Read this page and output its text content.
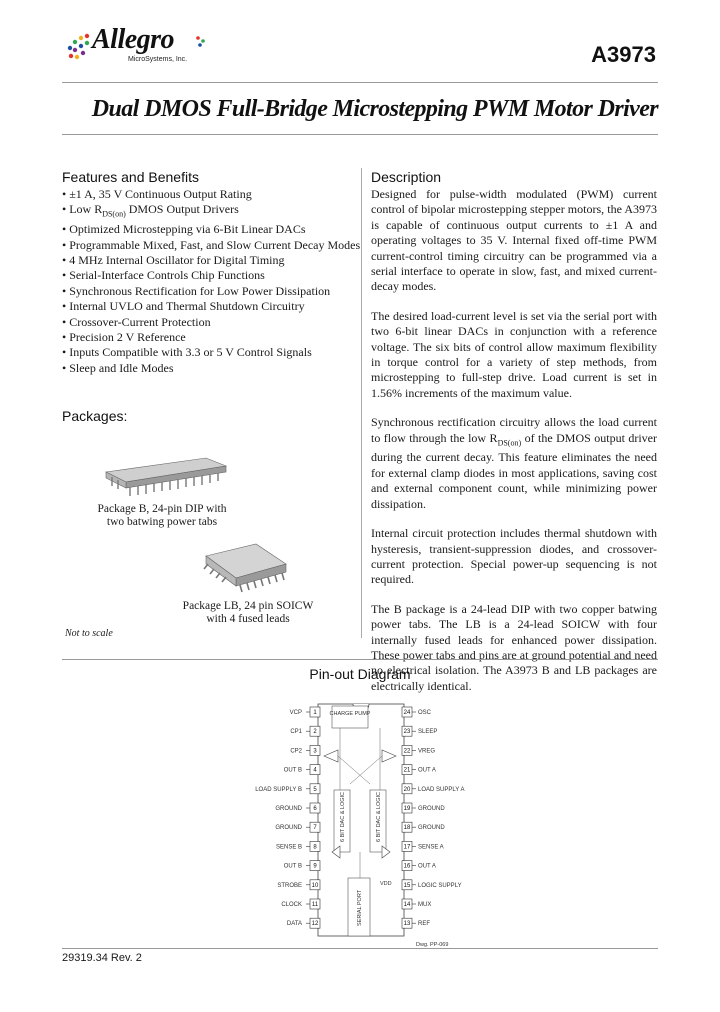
Allegro
MicroSystems, Inc.	A3973
Dual DMOS Full-Bridge Microstepping PWM Motor Driver
Features and Benefits
• ±1 A, 35 V Continuous Output Rating
• Low $R_{DS(on)}$ DMOS Output Drivers
• Optimized Microstepping via 6-Bit Linear DACs
• Programmable Mixed, Fast, and Slow Current Decay Modes
• 4 MHz Internal Oscillator for Digital Timing
• Serial-Interface Controls Chip Functions
• Synchronous Rectification for Low Power Dissipation
• Internal UVLO and Thermal Shutdown Circuitry
• Crossover-Current Protection
• Precision 2 V Reference
• Inputs Compatible with 3.3 or 5 V Control Signals
• Sleep and Idle Modes
Packages:
Package B, 24-pin DIP with
two batwing power tabs
Package LB, 24 pin SOICW
with 4 fused leads
Not to scale
Description

Designed for pulse-width modulated (PWM) current control of bipolar microstepping stepper motors, the A3973 is capable of continuous output currents to ±1 A and operating voltages to 35 V. Internal fixed off-time PWM current-control timing circuitry can be programmed via a serial interface to operate in slow, fast, and mixed current-decay modes.

The desired load-current level is set via the serial port with two 6-bit linear DACs in conjunction with a reference voltage. The six bits of control allow maximum flexibility in torque control for a variety of step methods, from microstepping to full-step drive. Load current is set in 1.56% increments of the maximum value.

Synchronous rectification circuitry allows the load current to flow through the low $R_{DS(on)}$ of the DMOS output driver during the current decay. This feature eliminates the need for external clamp diodes in most applications, saving cost and external component count, while minimizing power dissipation.

Internal circuit protection includes thermal shutdown with hysteresis, transient-suppression diodes, and crossover-current protection. Special power-up sequencing is not required.

The B package is a 24-lead DIP with two copper batwing power tabs. The LB is a 24-lead SOICW with four internally fused leads for enhanced power dissipation. These power tabs and pins are at ground potential and need no electrical isolation. The A3973 B and LB packages are electrically identical.

Pin-out Diagram
CHARGE PUMP
6 BIT DAC & LOGIC	6 BIT DAC & LOGIC
SERIAL PORT
VDD
Dwg. PP-069
1
VCP
2
CP1
3
CP2
4
OUT B
5
LOAD SUPPLY B
6
GROUND
7
GROUND
8
SENSE B
9
OUT B
10
STROBE
11
CLOCK
12
DATA
24 OSC
23 SLEEP
22 VREG
21 OUT A
20 LOAD SUPPLY A
19 GROUND
18 GROUND
17 SENSE A
16 OUT A
15 LOGIC SUPPLY
14 MUX
13 REF
29319.34 Rev. 2
